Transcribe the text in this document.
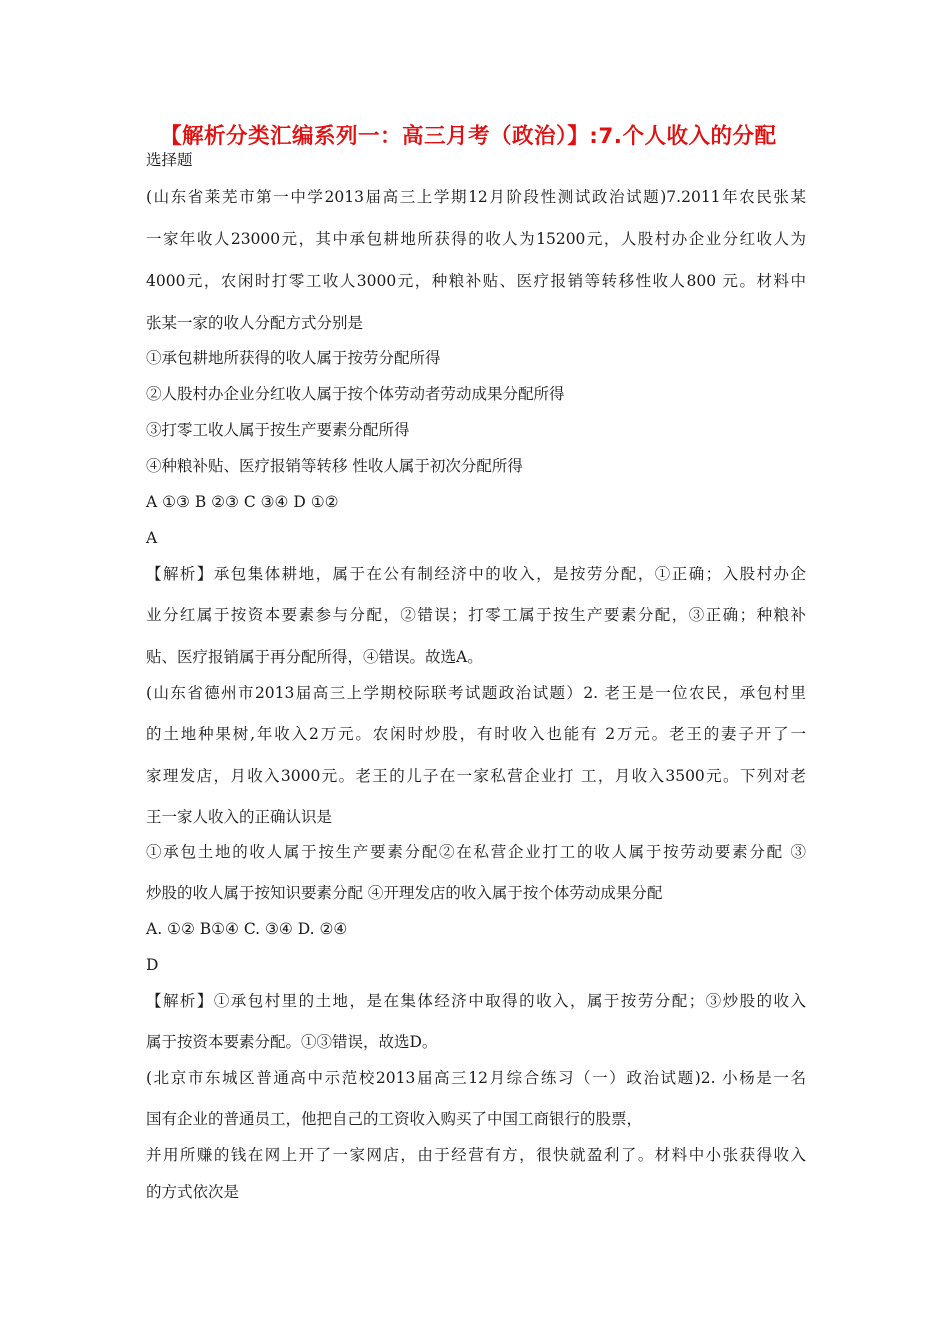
【解析分类汇编系列一：高三月考（政治）】:7.个人收入的分配
选择题
(山东省莱芜市第一中学2013届高三上学期12月阶段性测试政治试题)7.2011年农民张某
一家年收人23000元，其中承包耕地所获得的收人为15200元，人股村办企业分红收人为
4000元，农闲时打零工收人3000元，种粮补贴、医疗报销等转移性收人800 元。材料中
张某一家的收人分配方式分别是
①承包耕地所获得的收人属于按劳分配所得
②人股村办企业分红收人属于按个体劳动者劳动成果分配所得
③打零工收人属于按生产要素分配所得
④种粮补贴、医疗报销等转移 性收人属于初次分配所得
A ①③ B ②③ C ③④ D ①②
A
【解析】承包集体耕地，属于在公有制经济中的收入，是按劳分配，①正确；入股村办企
业分红属于按资本要素参与分配，②错误；打零工属于按生产要素分配，③正确；种粮补
贴、医疗报销属于再分配所得，④错误。故选A。
(山东省德州市2013届高三上学期校际联考试题政治试题）2. 老王是一位农民，承包村里
的土地种果树,年收入2万元。农闲时炒股，有时收入也能有 2万元。老王的妻子开了一
家理发店，月收入3000元。老王的儿子在一家私营企业打 工，月收入3500元。下列对老
王一家人收入的正确认识是
①承包土地的收人属于按生产要素分配②在私营企业打工的收人属于按劳动要素分配 ③
炒股的收人属于按知识要素分配 ④开理发店的收入属于按个体劳动成果分配
A. ①② B①④ C. ③④ D. ②④
D
【解析】①承包村里的土地，是在集体经济中取得的收入，属于按劳分配；③炒股的收入
属于按资本要素分配。①③错误，故选D。
(北京市东城区普通高中示范校2013届高三12月综合练习（一）政治试题)2. 小杨是一名
国有企业的普通员工，他把自己的工资收入购买了中国工商银行的股票，
并用所赚的钱在网上开了一家网店，由于经营有方，很快就盈利了。材料中小张获得收入
的方式依次是
